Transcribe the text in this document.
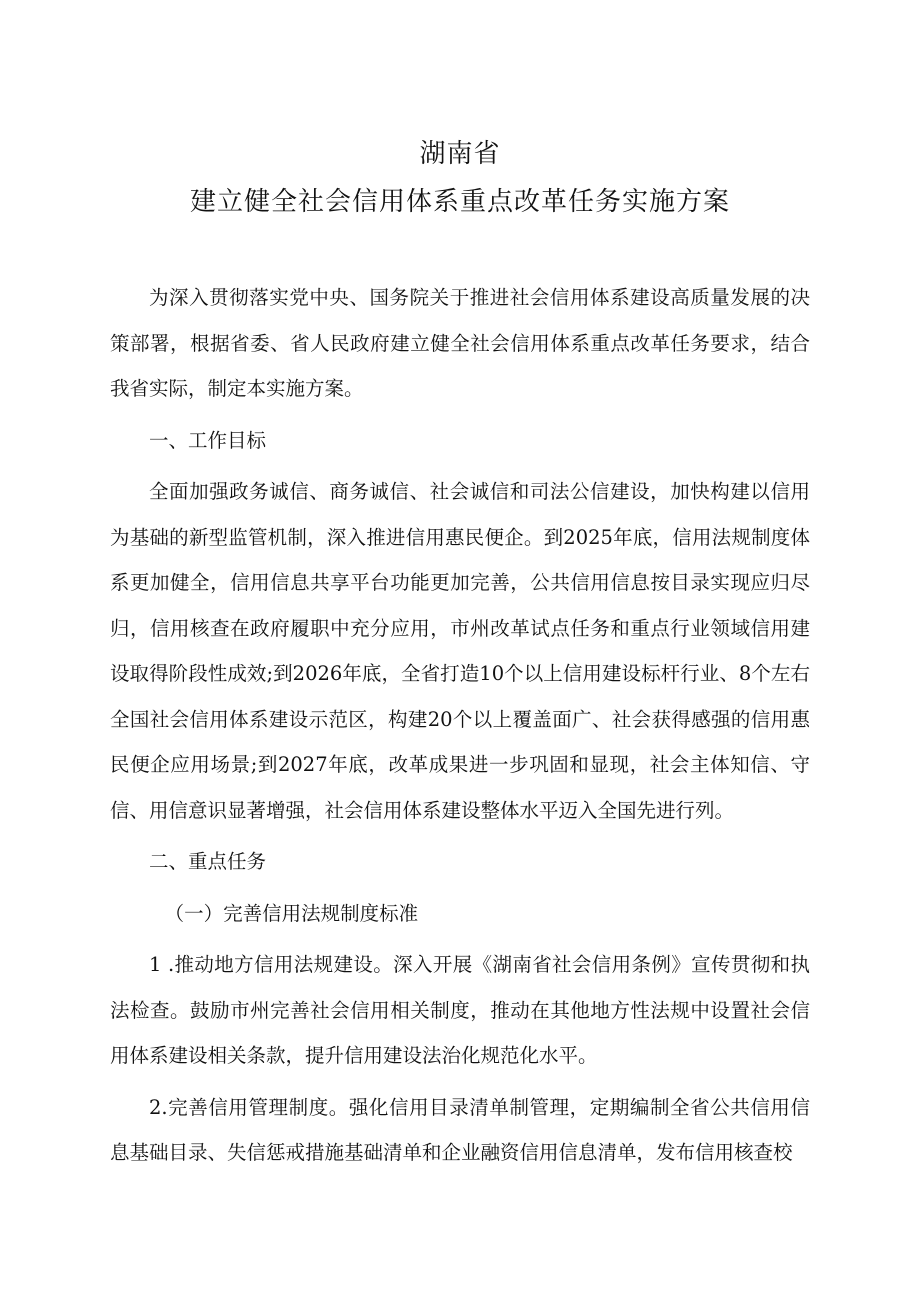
湖南省
建立健全社会信用体系重点改革任务实施方案

为深入贯彻落实党中央、国务院关于推进社会信用体系建设高质量发展的决策部署，根据省委、省人民政府建立健全社会信用体系重点改革任务要求，结合我省实际，制定本实施方案。

一、工作目标

全面加强政务诚信、商务诚信、社会诚信和司法公信建设，加快构建以信用为基础的新型监管机制，深入推进信用惠民便企。到2025年底，信用法规制度体系更加健全，信用信息共享平台功能更加完善，公共信用信息按目录实现应归尽归，信用核查在政府履职中充分应用，市州改革试点任务和重点行业领域信用建设取得阶段性成效;到2026年底，全省打造10个以上信用建设标杆行业、8个左右全国社会信用体系建设示范区，构建20个以上覆盖面广、社会获得感强的信用惠民便企应用场景;到2027年底，改革成果进一步巩固和显现，社会主体知信、守信、用信意识显著增强，社会信用体系建设整体水平迈入全国先进行列。

二、重点任务

（一）完善信用法规制度标准

1 .推动地方信用法规建设。深入开展《湖南省社会信用条例》宣传贯彻和执法检查。鼓励市州完善社会信用相关制度，推动在其他地方性法规中设置社会信用体系建设相关条款，提升信用建设法治化规范化水平。

2.完善信用管理制度。强化信用目录清单制管理，定期编制全省公共信用信息基础目录、失信惩戒措施基础清单和企业融资信用信息清单，发布信用核查校
